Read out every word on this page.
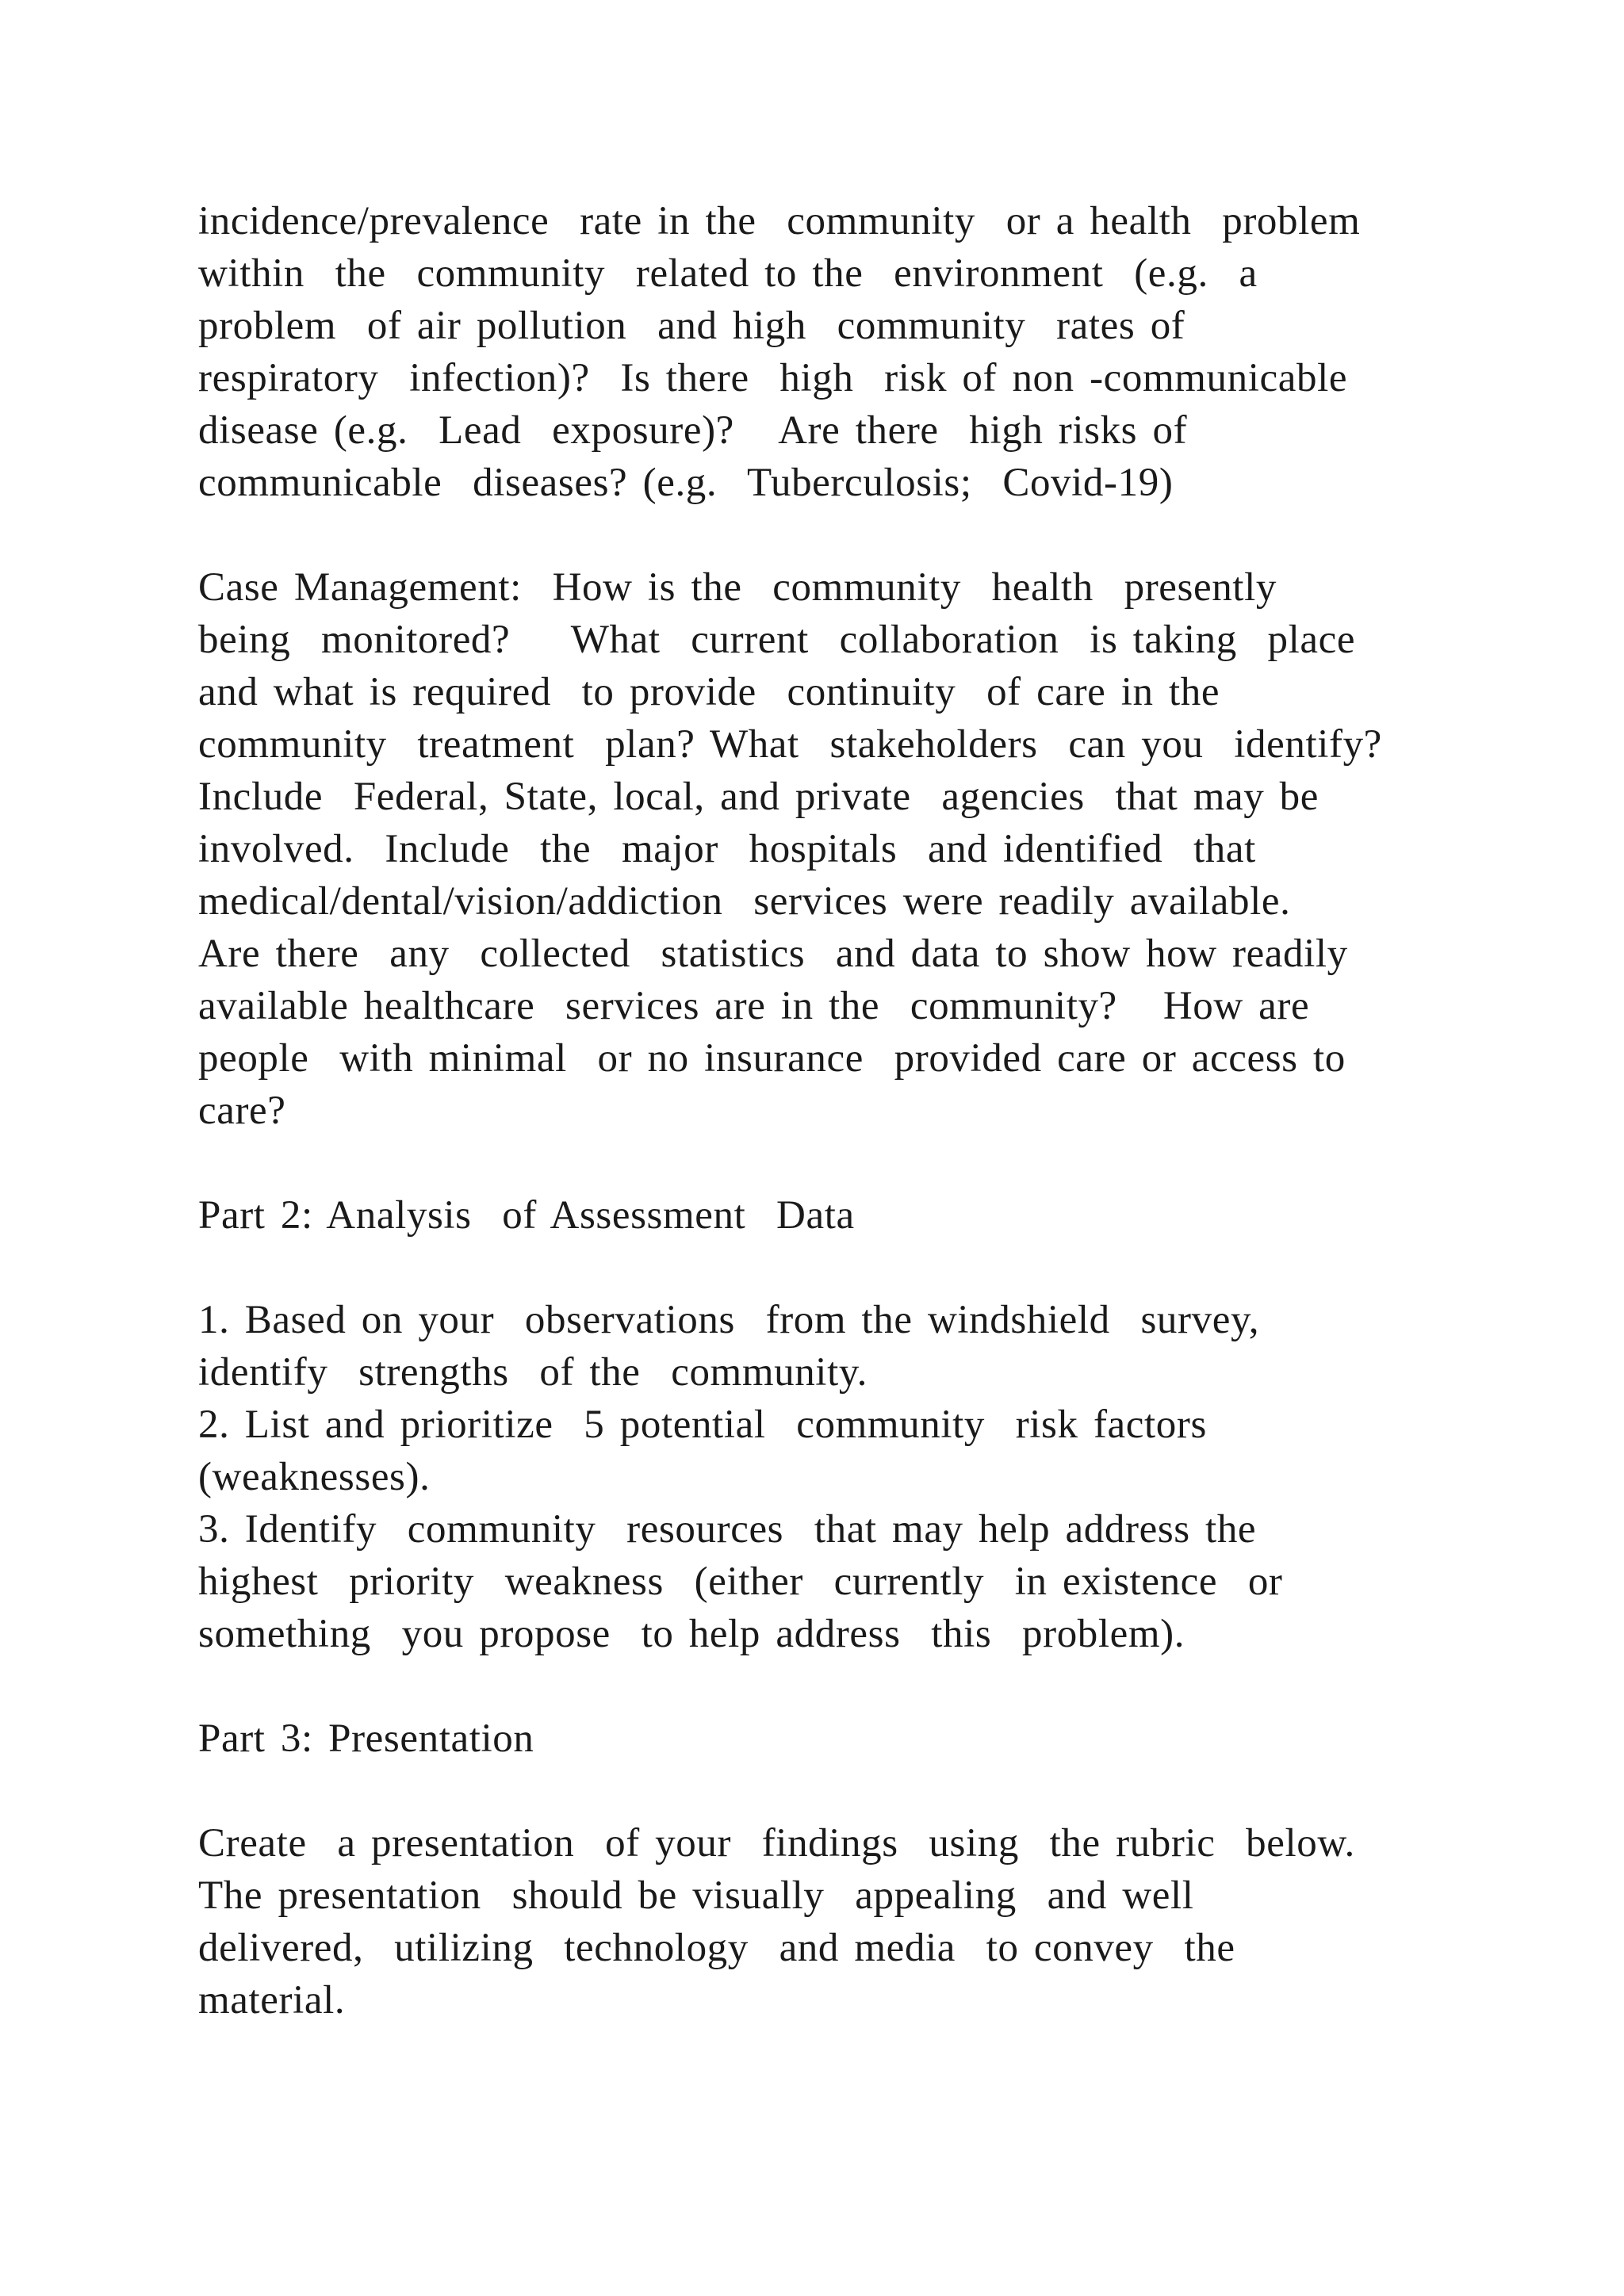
incidence/prevalence  rate in the  community  or a health  problem
within  the  community  related to the  environment  (e.g.  a
problem  of air pollution  and high  community  rates of
respiratory  infection)?  Is there  high  risk of non -communicable
disease (e.g.  Lead  exposure)?   Are there  high risks of
communicable  diseases? (e.g.  Tuberculosis;  Covid-19)
Case Management:  How is the  community  health  presently
being  monitored?    What  current  collaboration  is taking  place
and what is required  to provide  continuity  of care in the
community  treatment  plan? What  stakeholders  can you  identify?
Include  Federal, State, local, and private  agencies  that may be
involved.  Include  the  major  hospitals  and identified  that
medical/dental/vision/addiction  services were readily available.
Are there  any  collected  statistics  and data to show how readily
available healthcare  services are in the  community?   How are
people  with minimal  or no insurance  provided care or access to
care?
Part 2: Analysis  of Assessment  Data
1. Based on your  observations  from the windshield  survey,
identify  strengths  of the  community.
2. List and prioritize  5 potential  community  risk factors
(weaknesses).
3. Identify  community  resources  that may help address the
highest  priority  weakness  (either  currently  in existence  or
something  you propose  to help address  this  problem).
Part 3: Presentation
Create  a presentation  of your  findings  using  the rubric  below.
The presentation  should be visually  appealing  and well
delivered,  utilizing  technology  and media  to convey  the
material.
